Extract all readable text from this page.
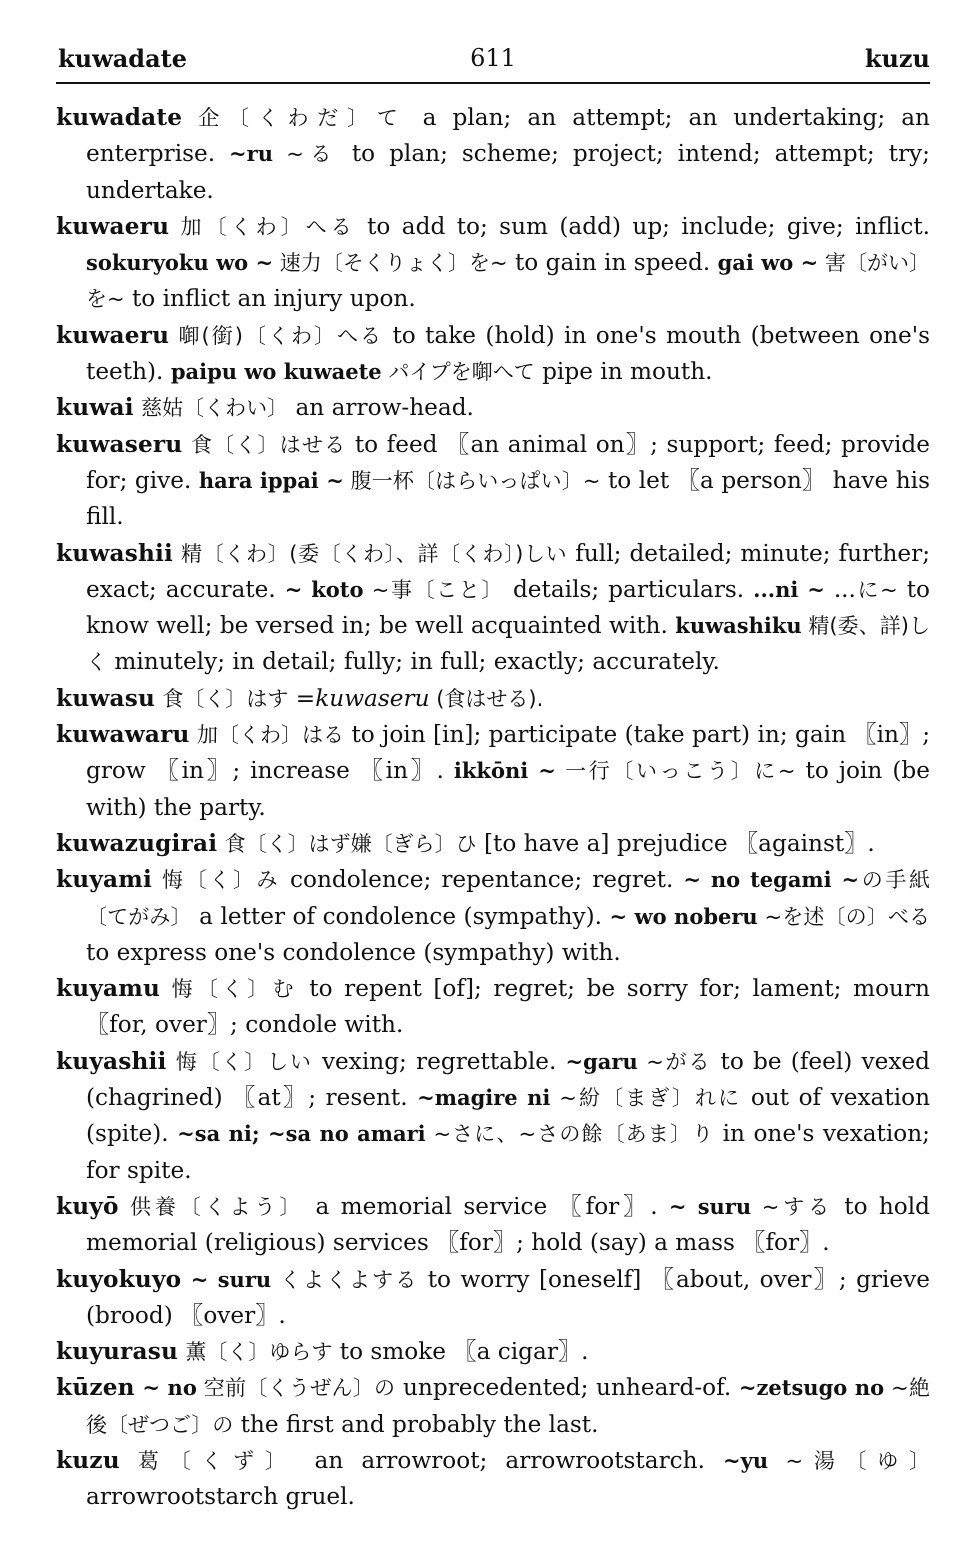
kuwadate	611	kuzu

kuwadate 企〔くわだ〕て a plan; an attempt; an undertaking; an enterprise. ~ru ~る to plan; scheme; project; intend; attempt; try; undertake.

kuwaeru 加〔くわ〕へる to add to; sum (add) up; include; give; inflict. sokuryoku wo ~ 速力〔そくりょく〕を~ to gain in speed. gai wo ~ 害〔がい〕を~ to inflict an injury upon.

kuwaeru 啣(銜)〔くわ〕へる to take (hold) in one's mouth (between one's teeth). paipu wo kuwaete パイプを啣へて pipe in mouth.

kuwai 慈姑〔くわい〕 an arrow-head.

kuwaseru 食〔く〕はせる to feed 〖an animal on〗; support; feed; provide for; give. hara ippai ~ 腹一杯〔はらいっぱい〕~ to let 〖a person〗 have his fill.

kuwashii 精〔くわ〕(委〔くわ〕、詳〔くわ〕)しい full; detailed; minute; further; exact; accurate. ~ koto ~事〔こと〕 details; particulars. ...ni ~ ...に~ to know well; be versed in; be well acquainted with. kuwashiku 精(委、詳)しく minutely; in detail; fully; in full; exactly; accurately.

kuwasu 食〔く〕はす =kuwaseru (食はせる).

kuwawaru 加〔くわ〕はる to join [in]; participate (take part) in; gain 〖in〗; grow 〖in〗; increase 〖in〗. ikkōni ~ 一行〔いっこう〕に~ to join (be with) the party.

kuwazugirai 食〔く〕はず嫌〔ぎら〕ひ [to have a] prejudice 〖against〗.

kuyami 悔〔く〕み condolence; repentance; regret. ~ no tegami ~の手紙〔てがみ〕 a letter of condolence (sympathy). ~ wo noberu ~を述〔の〕べる to express one's condolence (sympathy) with.

kuyamu 悔〔く〕む to repent [of]; regret; be sorry for; lament; mourn 〖for, over〗; condole with.

kuyashii 悔〔く〕しい vexing; regrettable. ~garu ~がる to be (feel) vexed (chagrined) 〖at〗; resent. ~magire ni ~紛〔まぎ〕れに out of vexation (spite). ~sa ni; ~sa no amari ~さに、~さの餘〔あま〕り in one's vexation; for spite.

kuyō 供養〔くよう〕 a memorial service 〖for〗. ~ suru ~する to hold memorial (religious) services 〖for〗; hold (say) a mass 〖for〗.

kuyokuyo ~ suru くよくよする to worry [oneself] 〖about, over〗; grieve (brood) 〖over〗.

kuyurasu 薫〔く〕ゆらす to smoke 〖a cigar〗.

kūzen ~ no 空前〔くうぜん〕の unprecedented; unheard-of. ~zetsugo no ~絶後〔ぜつご〕の the first and probably the last.

kuzu 葛〔くず〕 an arrowroot; arrowrootstarch. ~yu ~湯〔ゆ〕 arrowrootstarch gruel.
